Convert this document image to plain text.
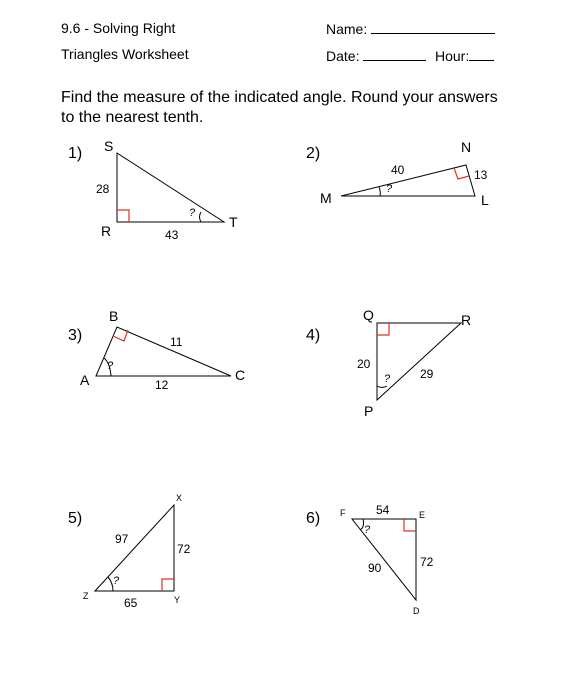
9.6 - Solving Right
Triangles Worksheet
Name:
Date:	Hour:
Find the measure of the indicated angle. Round your answers to the nearest tenth.
1) S
R
T
28
43
?
2)	N
M	L
40	13
?
3)
B
A	C
11
12
?
4)
Q	R
P
20
29
?
5)
X
Z	Y
97
72
65
?
6) F	E
D
54
90	72
?
